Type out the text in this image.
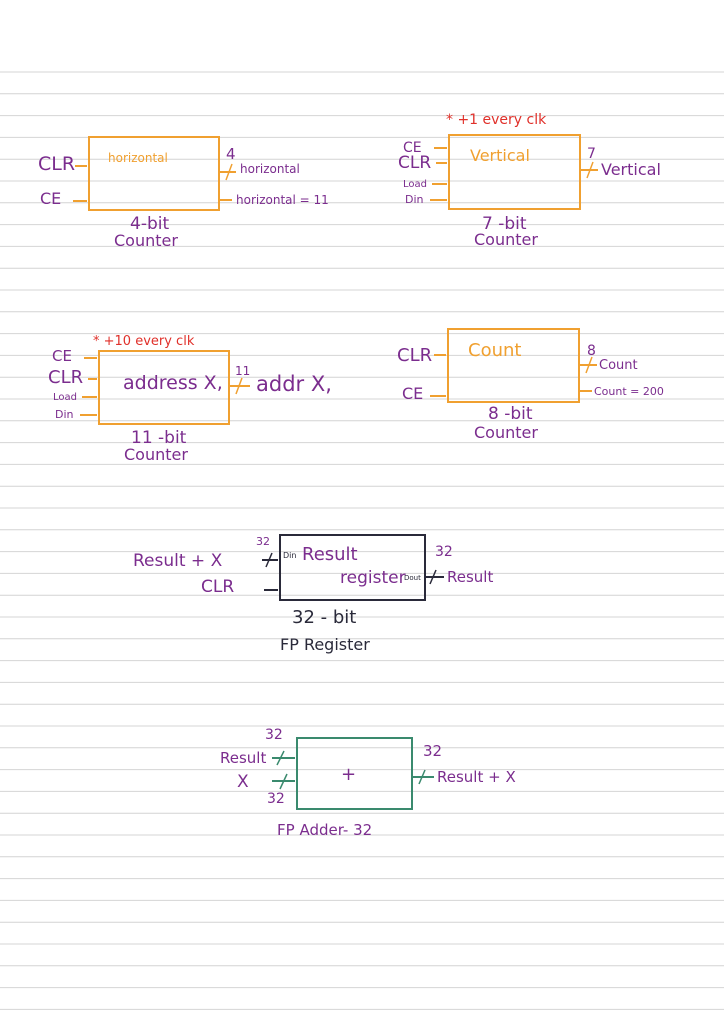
CLR
CE
horizontal	4
horizontal
horizontal = 11
4-bit
Counter
* +1 every clk
CE
CLR
Load
Din
Vertical	7
Vertical
7 -bit
Counter
* +10 every clk
CE
CLR
Load
Din
address X,
11
addr X,
11 -bit
Counter
CLR
CE
Count	8
Count
Count = 200
8 -bit
Counter
32
Result + X
CLR
Din Result
register
Dout
32
Result
32 - bit
FP Register
32
Result
X
32
+
32
Result + X
FP Adder- 32
